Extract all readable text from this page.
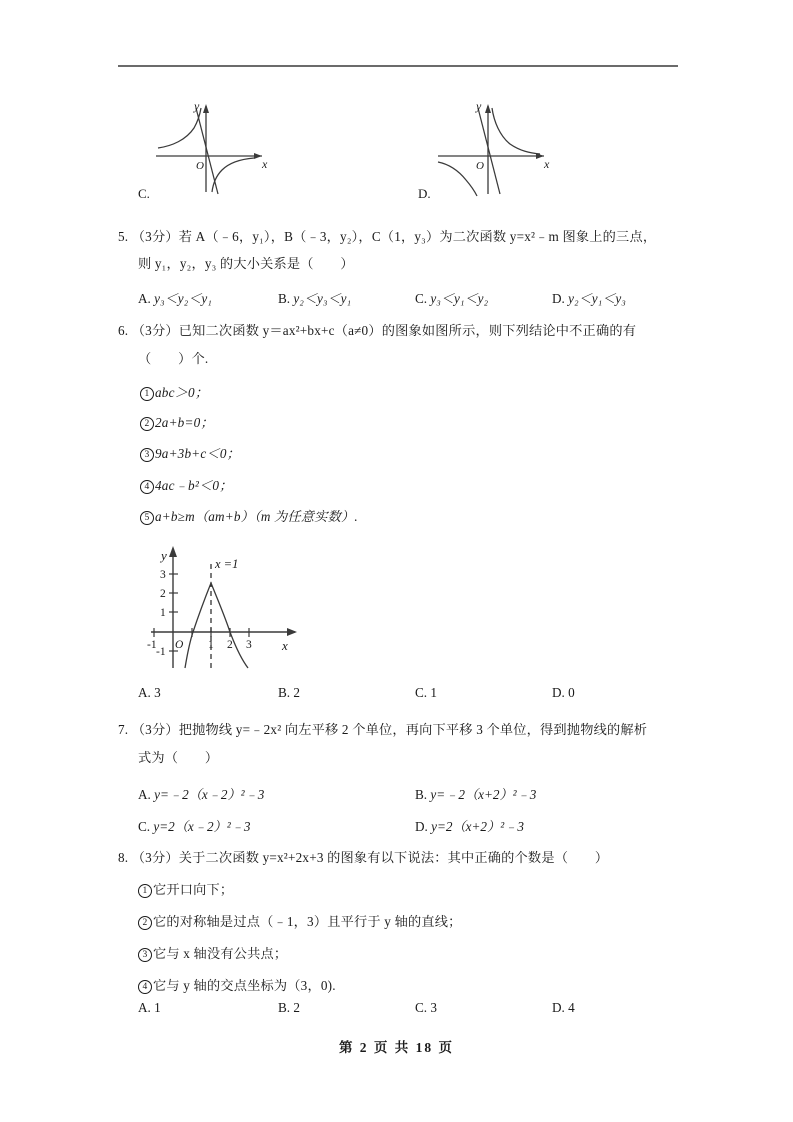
y
x
O
C.
y
x
O
D.
5. （3分）若 A（﹣6，y₁），B（﹣3，y₂），C（1，y₃）为二次函数 y=x²﹣m 图象上的三点，
则 y₁，y₂，y₃ 的大小关系是（　　）
A. y₃＜y₂＜y₁	B. y₂＜y₃＜y₁	C. y₃＜y₁＜y₂	D. y₂＜y₁＜y₃
6. （3分）已知二次函数 y＝ax²+bx+c（a≠0）的图象如图所示，则下列结论中不正确的有
（　　）个.
1 abc＞0；
2 2a+b=0；
3 9a+3b+c＜0；
4 4ac﹣b²＜0；
5 a+b≥m（am+b）（m 为任意实数）.
3
2
1
-1
-1	1 2 3
O
y
x
x =1
A. 3	B. 2	C. 1	D. 0
7. （3分）把抛物线 y=﹣2x² 向左平移 2 个单位，再向下平移 3 个单位，得到抛物线的解析
式为（　　）
A. y=﹣2（x﹣2）²﹣3	B. y=﹣2（x+2）²﹣3
C. y=2（x﹣2）²﹣3	D. y=2（x+2）²﹣3
8. （3分）关于二次函数 y=x²+2x+3 的图象有以下说法：其中正确的个数是（　　）
1 它开口向下；
2 它的对称轴是过点（﹣1，3）且平行于 y 轴的直线；
3 它与 x 轴没有公共点；
4 它与 y 轴的交点坐标为（3，0).
A. 1	B. 2	C. 3	D. 4
第 2 页 共 18 页
